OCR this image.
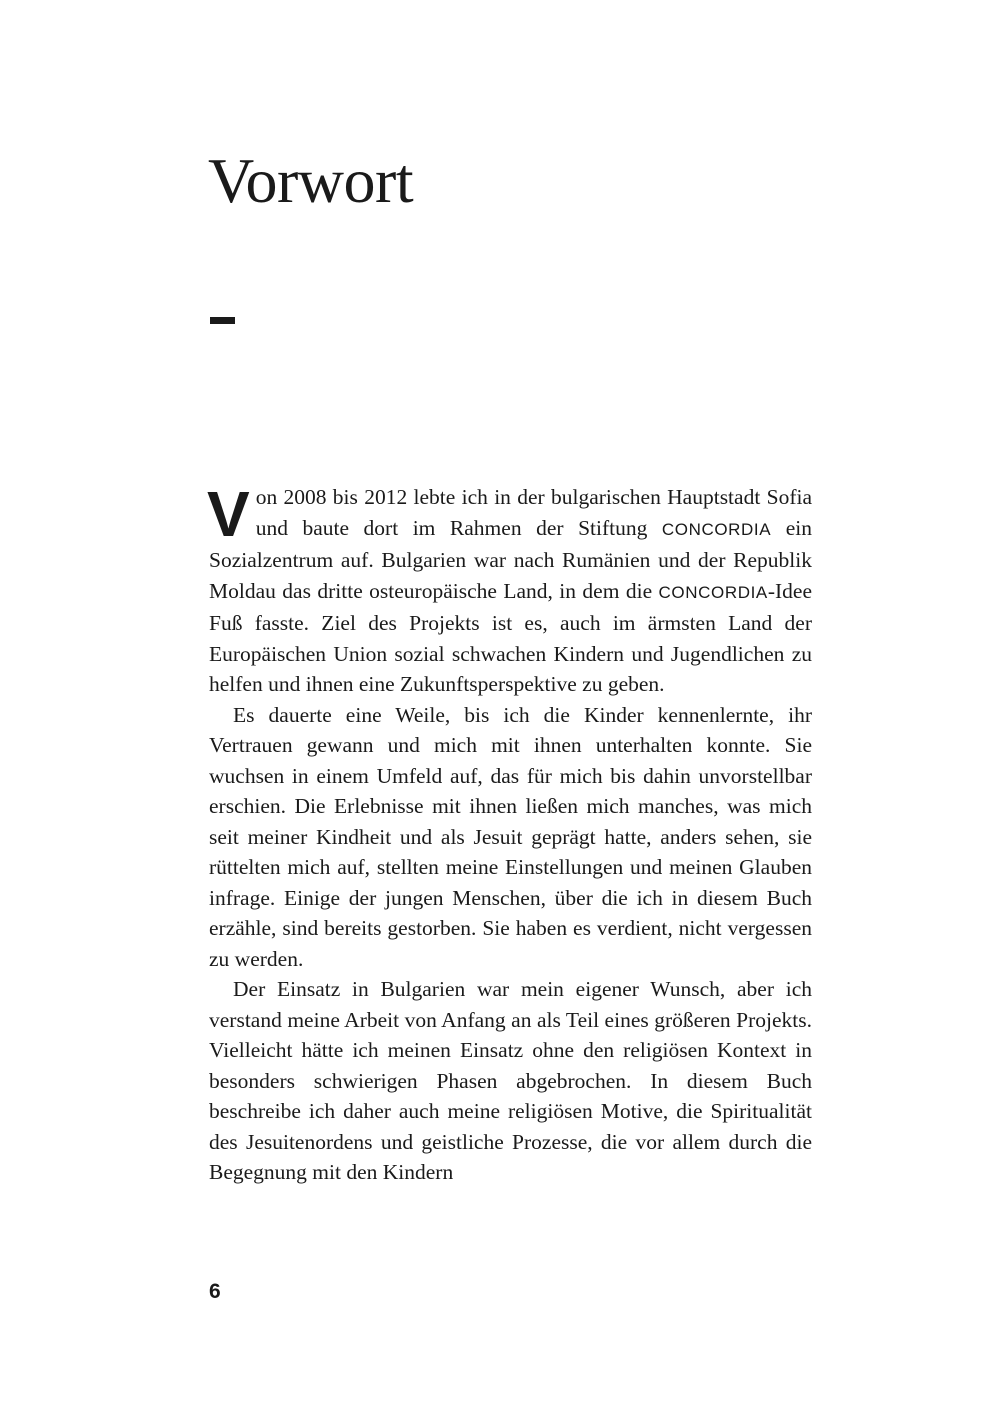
Vorwort

Von 2008 bis 2012 lebte ich in der bulgarischen Hauptstadt Sofia und baute dort im Rahmen der Stiftung CONCORDIA ein Sozialzentrum auf. Bulgarien war nach Rumänien und der Republik Moldau das dritte osteuropäische Land, in dem die CONCORDIA-Idee Fuß fasste. Ziel des Projekts ist es, auch im ärmsten Land der Europäischen Union sozial schwachen Kindern und Jugendlichen zu helfen und ihnen eine Zukunftsperspektive zu geben.

Es dauerte eine Weile, bis ich die Kinder kennenlernte, ihr Vertrauen gewann und mich mit ihnen unterhalten konnte. Sie wuchsen in einem Umfeld auf, das für mich bis dahin unvorstellbar erschien. Die Erlebnisse mit ihnen ließen mich manches, was mich seit meiner Kindheit und als Jesuit geprägt hatte, anders sehen, sie rüttelten mich auf, stellten meine Einstellungen und meinen Glauben infrage. Einige der jungen Menschen, über die ich in diesem Buch erzähle, sind bereits gestorben. Sie haben es verdient, nicht vergessen zu werden.

Der Einsatz in Bulgarien war mein eigener Wunsch, aber ich verstand meine Arbeit von Anfang an als Teil eines größeren Projekts. Vielleicht hätte ich meinen Einsatz ohne den religiösen Kontext in besonders schwierigen Phasen abgebrochen. In diesem Buch beschreibe ich daher auch meine religiösen Motive, die Spiritualität des Jesuitenordens und geistliche Prozesse, die vor allem durch die Begegnung mit den Kindern

6
